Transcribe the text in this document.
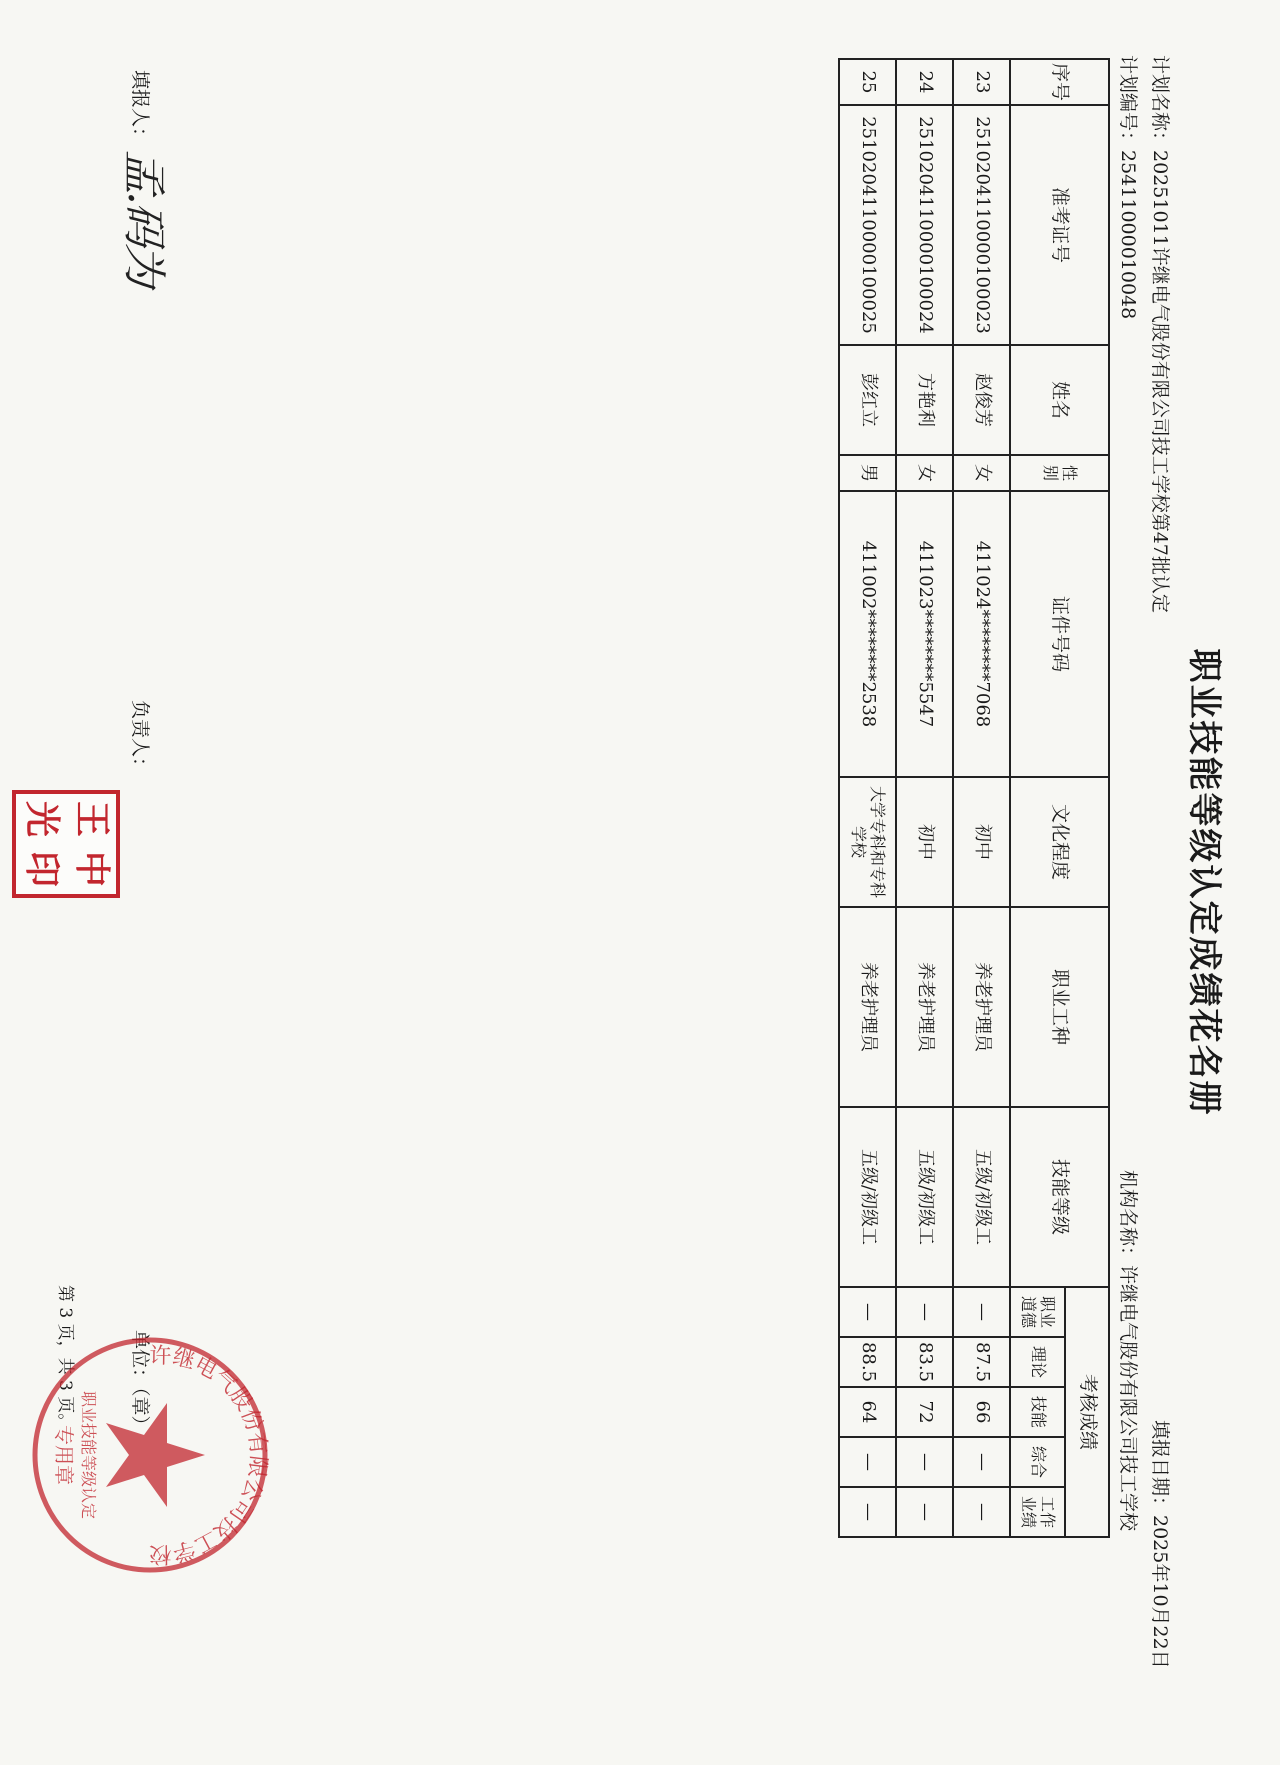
职业技能等级认定成绩花名册
计划名称：20251011许继电气股份有限公司技工学校第47批认定
填报日期：2025年10月22日
计划编号：25411000010048
机构名称：许继电气股份有限公司技工学校
序号	准考证号	姓名	性别	证件号码	文化程度	职业工种	技能等级	考核成绩				
								职业道德	理论	技能	综合	工作业绩
23	25102041100001000​23	赵俊芳	女	411024********7068	初中	养老护理员	五级/初级工	—	87.5	66	—	—
24	2510204110000100024	方艳利	女	411023********5547	初中	养老护理员	五级/初级工	—	83.5	72	—	—
25	2510204110000100025	彭红立	男	411002********2538	大学专科和专科学校	养老护理员	五级/初级工	—	88.5	64	—	—
填报人：
孟.码为
负责人：
单位：（章）
第 3 页，共 3 页。
王
中
光
印
许继电气股份有限公司技工学校
职业技能等级认定
专用章
